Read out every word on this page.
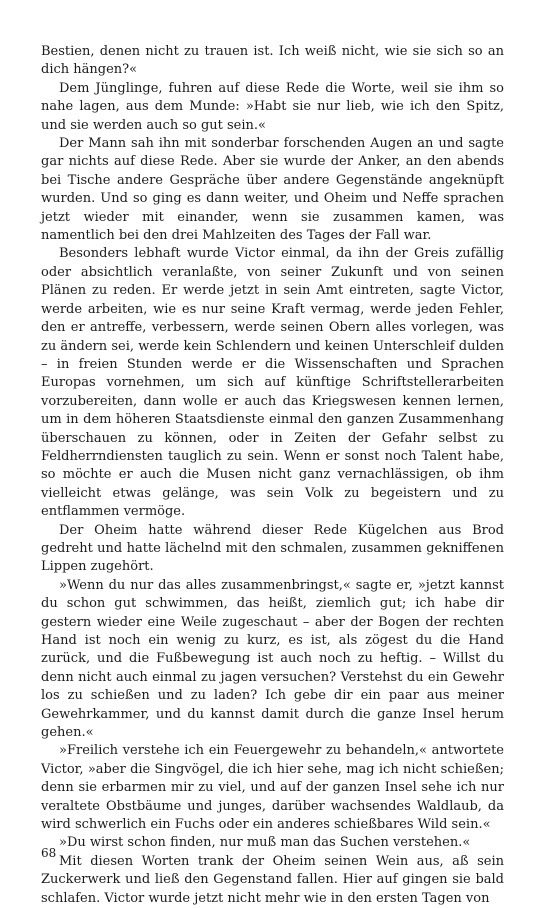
Bestien, denen nicht zu trauen ist. Ich weiß nicht, wie sie sich so an dich hängen?«

Dem Jünglinge, fuhren auf diese Rede die Worte, weil sie ihm so nahe lagen, aus dem Munde: »Habt sie nur lieb, wie ich den Spitz, und sie werden auch so gut sein.«

Der Mann sah ihn mit sonderbar forschenden Augen an und sagte gar nichts auf diese Rede. Aber sie wurde der Anker, an den abends bei Tische andere Gespräche über andere Gegenstände angeknüpft wurden. Und so ging es dann weiter, und Oheim und Neffe sprachen jetzt wieder mit einander, wenn sie zusammen kamen, was namentlich bei den drei Mahlzeiten des Tages der Fall war.

Besonders lebhaft wurde Victor einmal, da ihn der Greis zufällig oder absichtlich veranlaßte, von seiner Zukunft und von seinen Plänen zu reden. Er werde jetzt in sein Amt eintreten, sagte Victor, werde arbeiten, wie es nur seine Kraft vermag, werde jeden Fehler, den er antreffe, verbessern, werde seinen Obern alles vorlegen, was zu ändern sei, werde kein Schlendern und keinen Unterschleif dulden – in freien Stunden werde er die Wissenschaften und Sprachen Europas vornehmen, um sich auf künftige Schriftstellerarbeiten vorzubereiten, dann wolle er auch das Kriegswesen kennen lernen, um in dem höheren Staatsdienste einmal den ganzen Zusammenhang überschauen zu können, oder in Zeiten der Gefahr selbst zu Feldherrndiensten tauglich zu sein. Wenn er sonst noch Talent habe, so möchte er auch die Musen nicht ganz vernachlässigen, ob ihm vielleicht etwas gelänge, was sein Volk zu begeistern und zu entflammen vermöge.

Der Oheim hatte während dieser Rede Kügelchen aus Brod gedreht und hatte lächelnd mit den schmalen, zusammen gekniffenen Lippen zugehört.

»Wenn du nur das alles zusammenbringst,« sagte er, »jetzt kannst du schon gut schwimmen, das heißt, ziemlich gut; ich habe dir gestern wieder eine Weile zugeschaut – aber der Bogen der rechten Hand ist noch ein wenig zu kurz, es ist, als zögest du die Hand zurück, und die Fußbewegung ist auch noch zu heftig. – Willst du denn nicht auch einmal zu jagen versuchen? Verstehst du ein Gewehr los zu schießen und zu laden? Ich gebe dir ein paar aus meiner Gewehrkammer, und du kannst damit durch die ganze Insel herum gehen.«

»Freilich verstehe ich ein Feuergewehr zu behandeln,« antwortete Victor, »aber die Singvögel, die ich hier sehe, mag ich nicht schießen; denn sie erbarmen mir zu viel, und auf der ganzen Insel sehe ich nur veraltete Obstbäume und junges, darüber wachsendes Waldlaub, da wird schwerlich ein Fuchs oder ein anderes schießbares Wild sein.«

»Du wirst schon finden, nur muß man das Suchen verstehen.«

Mit diesen Worten trank der Oheim seinen Wein aus, aß sein Zuckerwerk und ließ den Gegenstand fallen. Hier auf gingen sie bald schlafen. Victor wurde jetzt nicht mehr wie in den ersten Tagen von

68
